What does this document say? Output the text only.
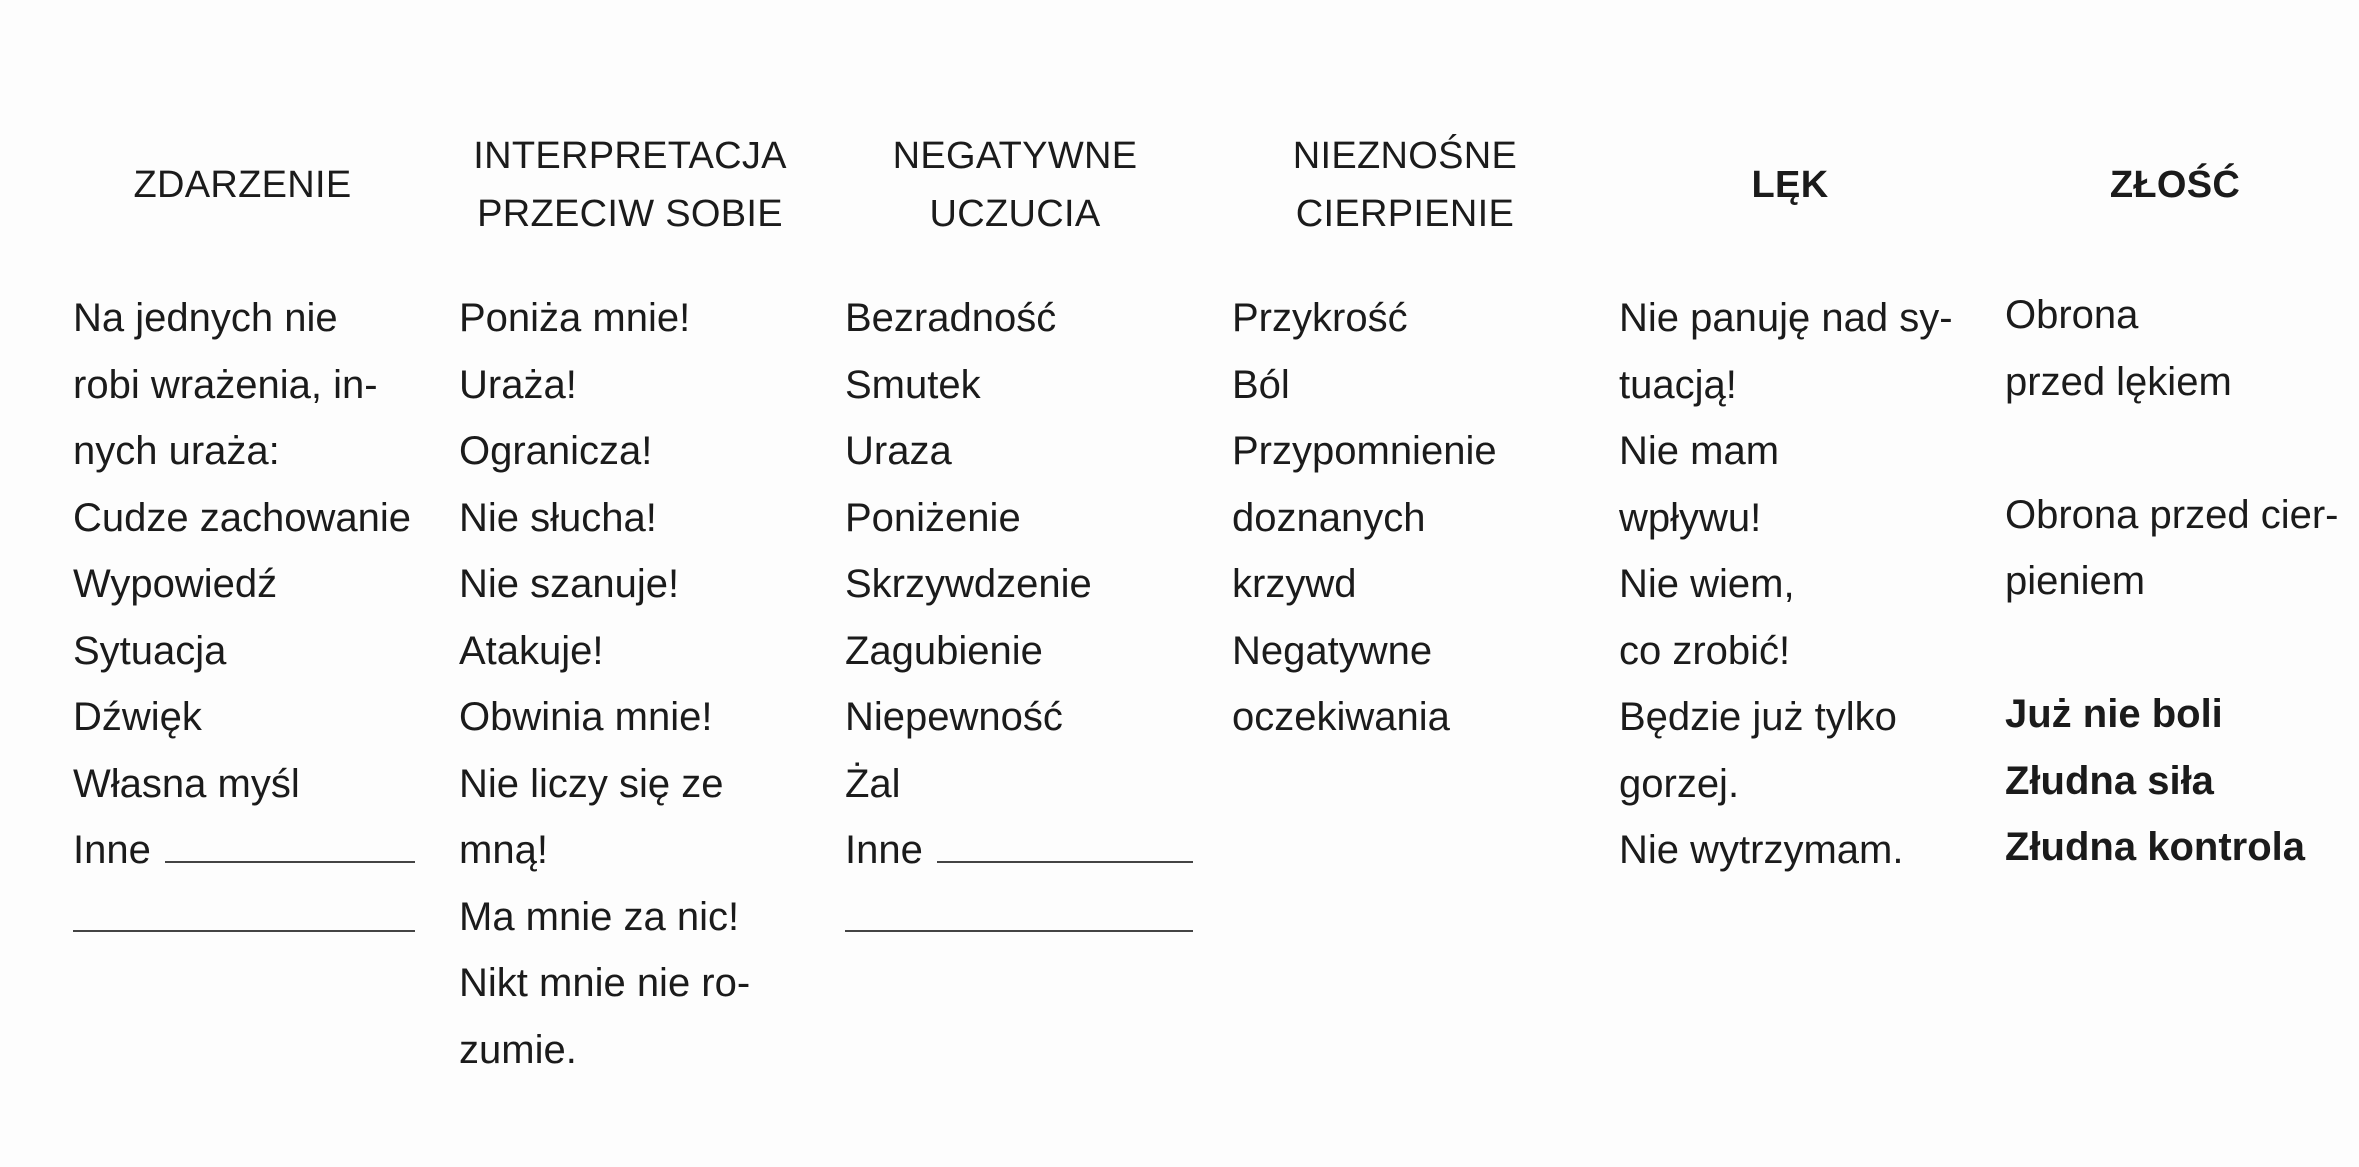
ZDARZENIE
Na jednych nie
robi wrażenia, in-
nych uraża:
Cudze zachowanie
Wypowiedź
Sytuacja
Dźwięk
Własna myśl
Inne
INTERPRETACJA
PRZECIW SOBIE
Poniża mnie!
Uraża!
Ogranicza!
Nie słucha!
Nie szanuje!
Atakuje!
Obwinia mnie!
Nie liczy się ze
mną!
Ma mnie za nic!
Nikt mnie nie ro-
zumie.
NEGATYWNE
UCZUCIA
Bezradność
Smutek
Uraza
Poniżenie
Skrzywdzenie
Zagubienie
Niepewność
Żal
Inne
NIEZNOŚNE
CIERPIENIE
Przykrość
Ból
Przypomnienie
doznanych
krzywd
Negatywne
oczekiwania
LĘK
Nie panuję nad sy-
tuacją!
Nie mam
wpływu!
Nie wiem,
co zrobić!
Będzie już tylko
gorzej.
Nie wytrzymam.
ZŁOŚĆ
Obrona
przed lękiem
Obrona przed cier-
pieniem
Już nie boli
Złudna siła
Złudna kontrola
